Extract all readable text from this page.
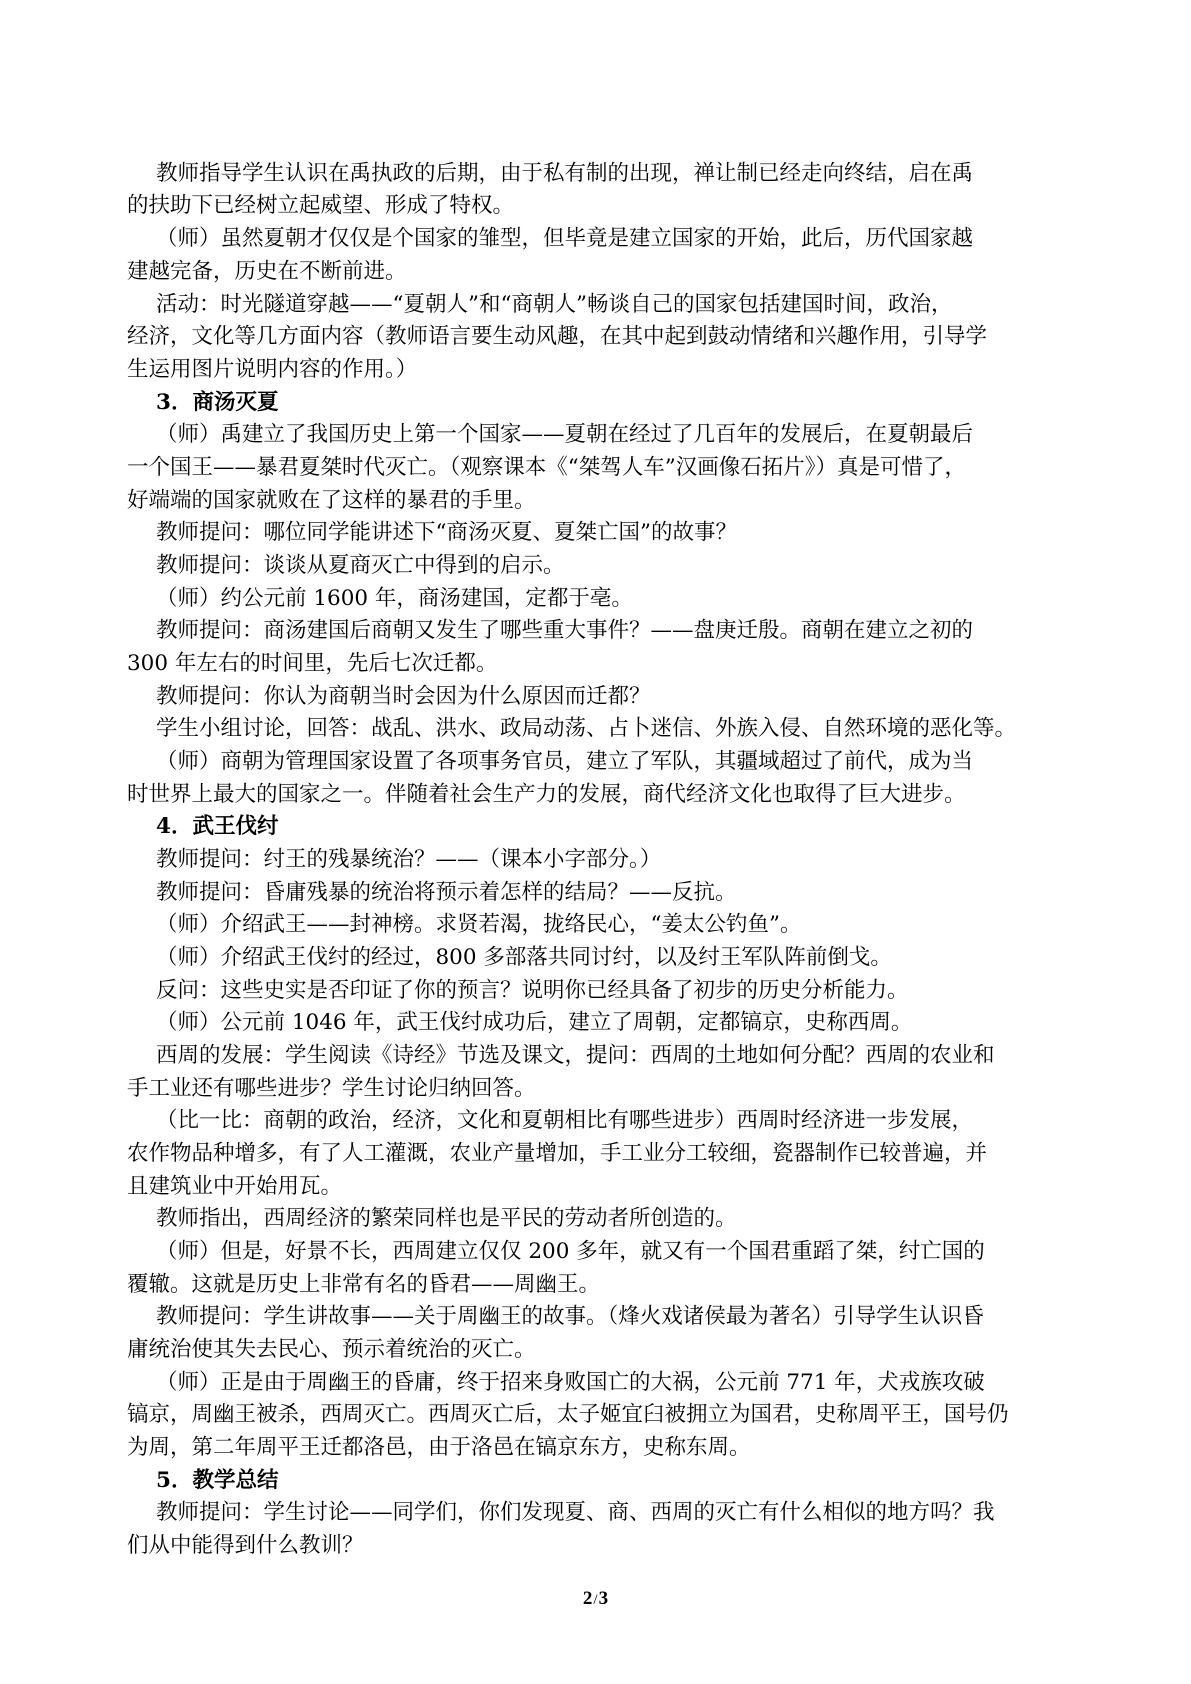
教师指导学生认识在禹执政的后期，由于私有制的出现，禅让制已经走向终结，启在禹

的扶助下已经树立起威望、形成了特权。

（师）虽然夏朝才仅仅是个国家的雏型，但毕竟是建立国家的开始，此后，历代国家越

建越完备，历史在不断前进。

活动：时光隧道穿越——“夏朝人”和“商朝人”畅谈自己的国家包括建国时间，政治，

经济，文化等几方面内容（教师语言要生动风趣，在其中起到鼓动情绪和兴趣作用，引导学

生运用图片说明内容的作用。）

3．商汤灭夏

（师）禹建立了我国历史上第一个国家——夏朝在经过了几百年的发展后，在夏朝最后

一个国王——暴君夏桀时代灭亡。（观察课本《“桀驾人车”汉画像石拓片》）真是可惜了，

好端端的国家就败在了这样的暴君的手里。

教师提问：哪位同学能讲述下“商汤灭夏、夏桀亡国”的故事？

教师提问：谈谈从夏商灭亡中得到的启示。

（师）约公元前 1600 年，商汤建国，定都于亳。

教师提问：商汤建国后商朝又发生了哪些重大事件？——盘庚迁殷。商朝在建立之初的

300 年左右的时间里，先后七次迁都。

教师提问：你认为商朝当时会因为什么原因而迁都？

学生小组讨论，回答：战乱、洪水、政局动荡、占卜迷信、外族入侵、自然环境的恶化等。

（师）商朝为管理国家设置了各项事务官员，建立了军队，其疆域超过了前代，成为当

时世界上最大的国家之一。伴随着社会生产力的发展，商代经济文化也取得了巨大进步。

4．武王伐纣

教师提问：纣王的残暴统治？——（课本小字部分。）

教师提问：昏庸残暴的统治将预示着怎样的结局？——反抗。

（师）介绍武王——封神榜。求贤若渴，拢络民心，“姜太公钓鱼”。

（师）介绍武王伐纣的经过，800 多部落共同讨纣，以及纣王军队阵前倒戈。

反问：这些史实是否印证了你的预言？说明你已经具备了初步的历史分析能力。

（师）公元前 1046 年，武王伐纣成功后，建立了周朝，定都镐京，史称西周。

西周的发展：学生阅读《诗经》节选及课文，提问：西周的土地如何分配？西周的农业和

手工业还有哪些进步？学生讨论归纳回答。

（比一比：商朝的政治，经济，文化和夏朝相比有哪些进步）西周时经济进一步发展，

农作物品种增多，有了人工灌溉，农业产量增加，手工业分工较细，瓷器制作已较普遍，并

且建筑业中开始用瓦。

教师指出，西周经济的繁荣同样也是平民的劳动者所创造的。

（师）但是，好景不长，西周建立仅仅 200 多年，就又有一个国君重蹈了桀，纣亡国的

覆辙。这就是历史上非常有名的昏君——周幽王。

教师提问：学生讲故事——关于周幽王的故事。（烽火戏诸侯最为著名）引导学生认识昏

庸统治使其失去民心、预示着统治的灭亡。

（师）正是由于周幽王的昏庸，终于招来身败国亡的大祸，公元前 771 年，犬戎族攻破

镐京，周幽王被杀，西周灭亡。西周灭亡后，太子姬宜臼被拥立为国君，史称周平王，国号仍

为周，第二年周平王迁都洛邑，由于洛邑在镐京东方，史称东周。

5．教学总结

教师提问：学生讨论——同学们，你们发现夏、商、西周的灭亡有什么相似的地方吗？我

们从中能得到什么教训？

2/3
